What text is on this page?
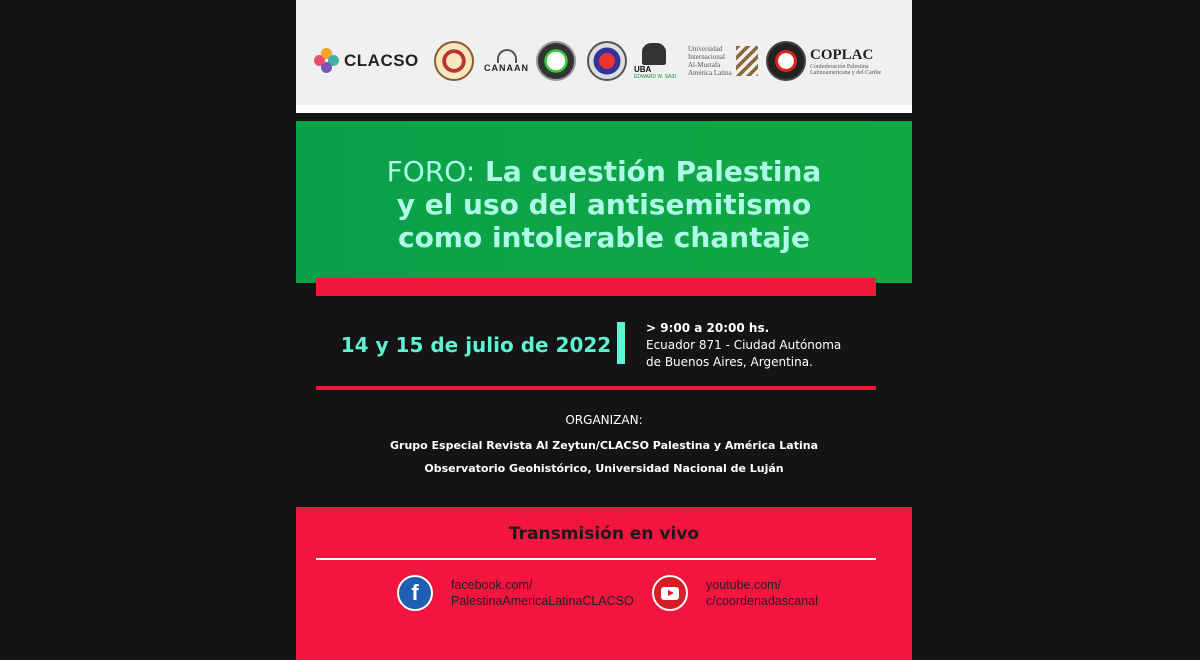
CLACSO	CANAAN	UBA
EDWARD W. SAID
Universidad
Internacional
Al-Mustafa
América Latina
COPLAC
Confederación Palestina Latinoamericana y del Caribe
FORO: La cuestión Palestina
y el uso del antisemitismo
como intolerable chantaje
14 y 15 de julio de 2022
> 9:00 a 20:00 hs.
Ecuador 871 - Ciudad Autónoma
de Buenos Aires, Argentina.
ORGANIZAN:
Grupo Especial Revista Al Zeytun/CLACSO Palestina y América Latina
Observatorio Geohistórico, Universidad Nacional de Luján
Transmisión en vivo
f	facebook.com/
PalestinaAmericaLatinaCLACSO
youtube.com/
c/coordenadascanal
